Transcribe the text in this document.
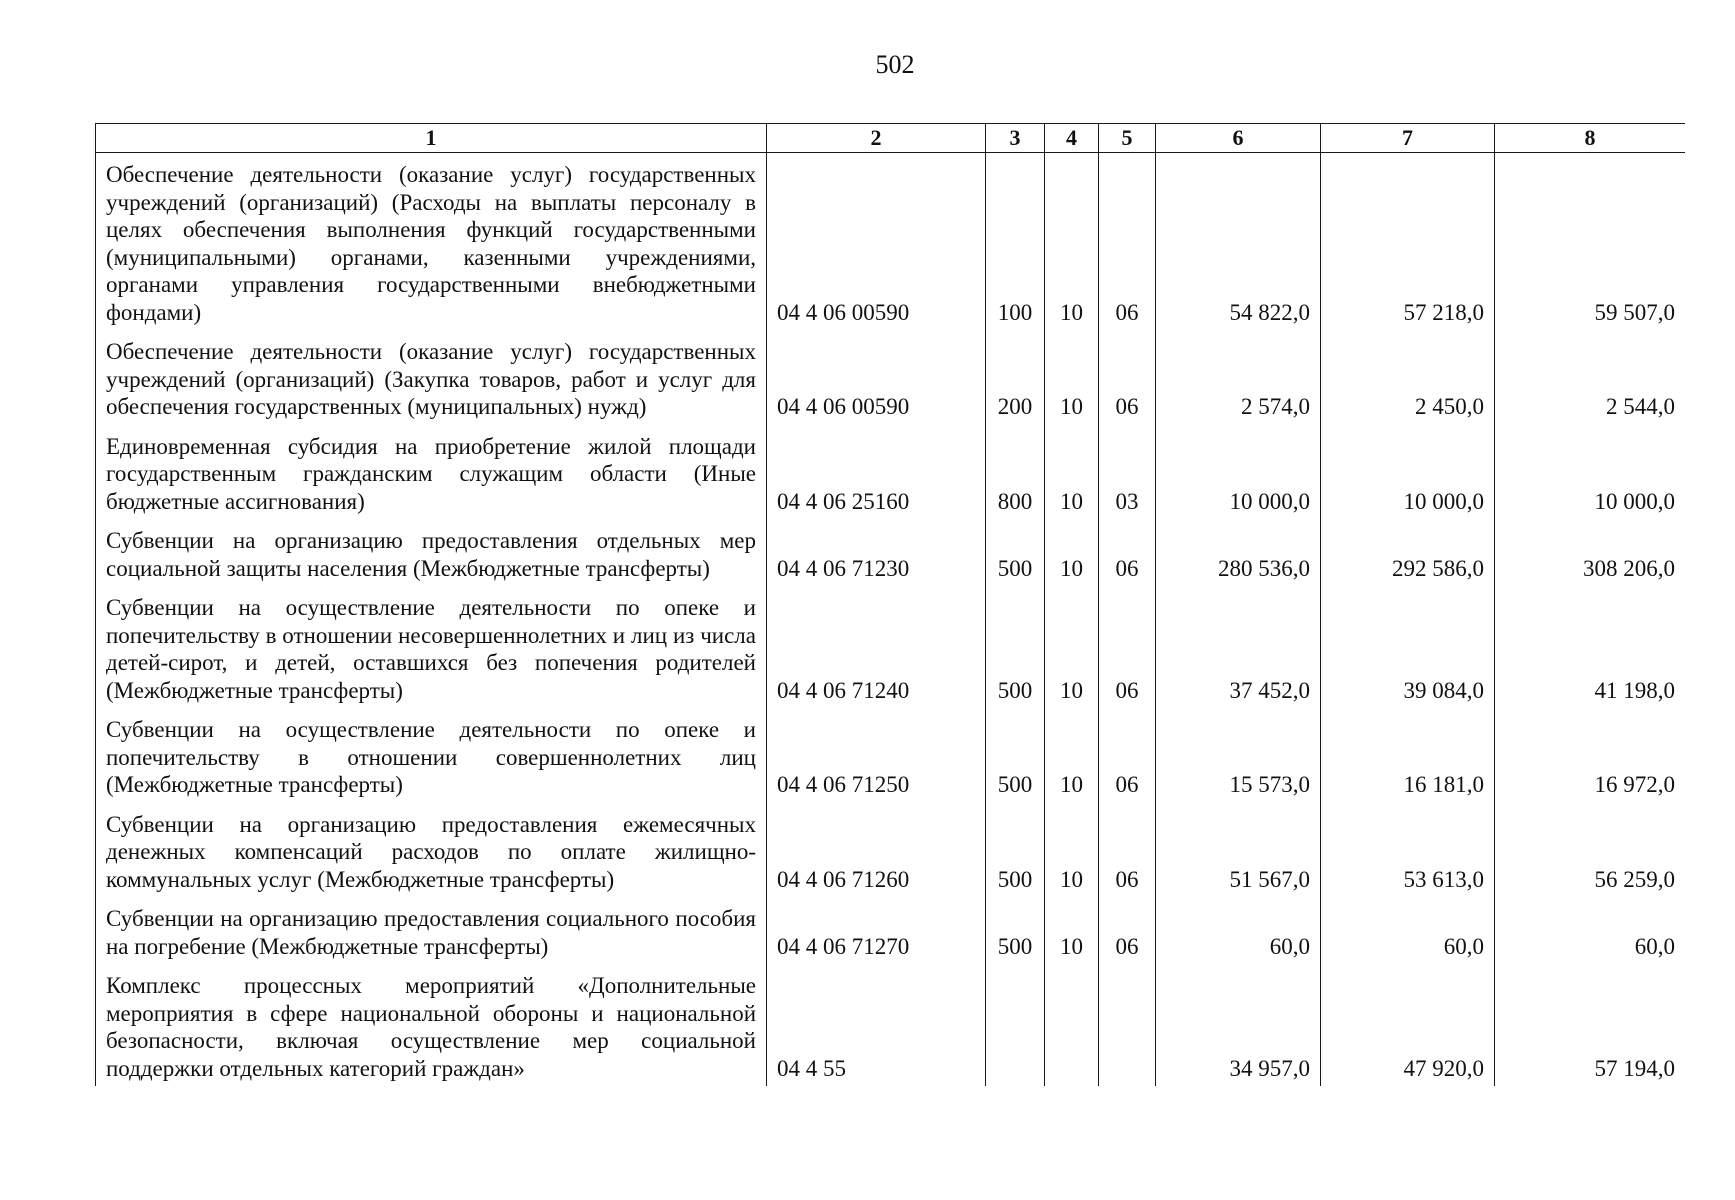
502
1	2	3	4	5	6	7	8
Обеспечение деятельности (оказание услуг) государственных учреждений (организаций) (Расходы на выплаты персоналу в целях обеспечения выполнения функций государственными (муниципальными) органами, казенными учреждениями, органами управления государственными внебюджетными фондами)	04 4 06 00590	100	10	06	54 822,0	57 218,0	59 507,0
Обеспечение деятельности (оказание услуг) государственных учреждений (организаций) (Закупка товаров, работ и услуг для обеспечения государственных (муниципальных) нужд)	04 4 06 00590	200	10	06	2 574,0	2 450,0	2 544,0
Единовременная субсидия на приобретение жилой площади государственным гражданским служащим области (Иные бюджетные ассигнования)	04 4 06 25160	800	10	03	10 000,0	10 000,0	10 000,0
Субвенции на организацию предоставления отдельных мер социальной защиты населения (Межбюджетные трансферты)	04 4 06 71230	500	10	06	280 536,0	292 586,0	308 206,0
Субвенции на осуществление деятельности по опеке и попечительству в отношении несовершеннолетних и лиц из числа детей-сирот, и детей, оставшихся без попечения родителей (Межбюджетные трансферты)	04 4 06 71240	500	10	06	37 452,0	39 084,0	41 198,0
Субвенции на осуществление деятельности по опеке и попечительству в отношении совершеннолетних лиц (Межбюджетные трансферты)	04 4 06 71250	500	10	06	15 573,0	16 181,0	16 972,0
Субвенции на организацию предоставления ежемесячных денежных компенсаций расходов по оплате жилищно-коммунальных услуг (Межбюджетные трансферты)	04 4 06 71260	500	10	06	51 567,0	53 613,0	56 259,0
Субвенции на организацию предоставления социального пособия на погребение (Межбюджетные трансферты)	04 4 06 71270	500	10	06	60,0	60,0	60,0
Комплекс процессных мероприятий «Дополнительные мероприятия в сфере национальной обороны и национальной безопасности, включая осуществление мер социальной поддержки отдельных категорий граждан»	04 4 55				34 957,0	47 920,0	57 194,0
